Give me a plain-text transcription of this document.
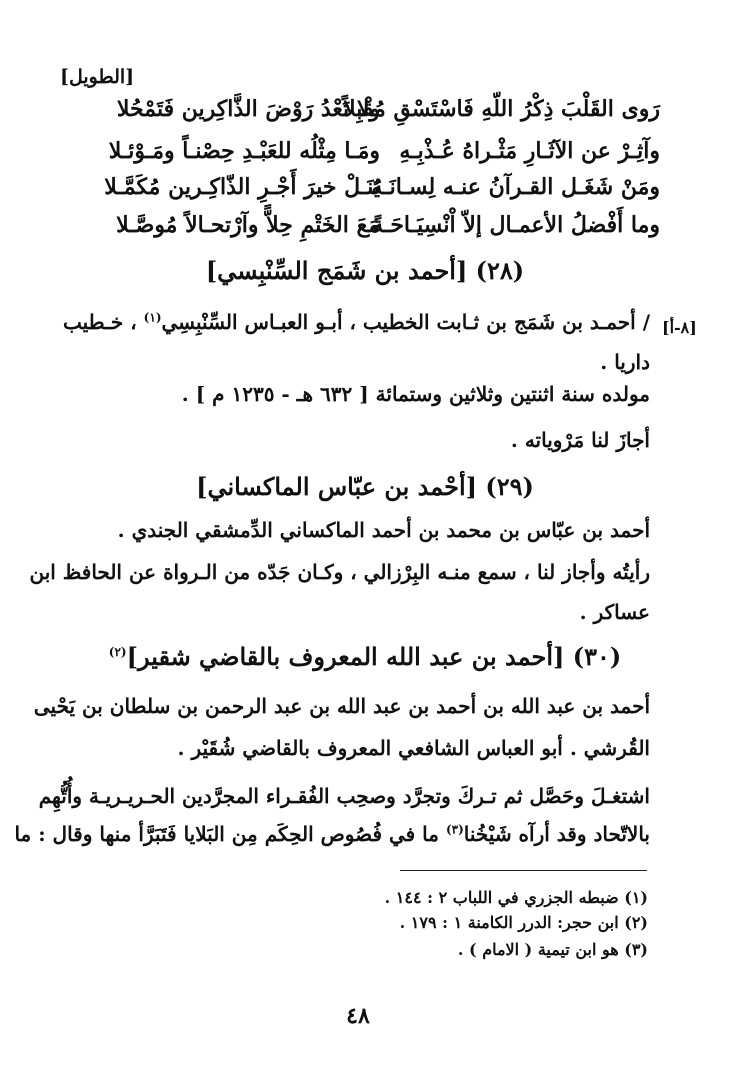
[الطويل]
رَوى القَلْبَ ذِكْرُ اللّهِ فَاسْتَسْقِ مُقْبِلاً
ولا تَعْدُ رَوْضَ الذَّاكِرين فَتَمْحُلا
وآثِـرْ عن الآثَـارِ مَثْـراهُ عُـذْبِـهِ
ومَـا مِثْلُه للعَبْـدِ حِصْنـاً ومَـوْئـلا
ومَنْ شَغَـل القـرآنُ عنـه لِسـانَـهُ
يَنَـلْ خيرَ أَجْـرِ الذّاكِـرين مُكَمَّـلا
وما أَفْضلُ الأعمـال إلاّ اْنْسِيَـاحَـةً
مَعَ الخَتْمِ حِلاًّ وآرْتحـالاً مُوصَّـلا
(٢٨) [أحمد بن شَمَج السِّنْبِسي]
[٨-أ]
/ أحمـد بن شَمَج بن ثـابت الخطيب ، أبـو العبـاس السِّنْبِسِي$^{(١)}$ ، خـطيب
داريا .
مولده سنة اثنتين وثلاثين وستمائة [ ٦٣٢ هـ - ١٢٣٥ م ] .
أجازَ لنا مَرْوياته .
(٢٩) [أحْمد بن عبّاس الماكساني]
أحمد بن عبّاس بن محمد بن أحمد الماكساني الدِّمشقي الجندي .
رأيتُه وأجاز لنا ، سمع منـه البِرْزالي ، وكـان جَدّه من الـرواة عن الحافظ ابن
عساكر .
(٣٠) [أحمد بن عبد الله المعروف بالقاضي شقير]$^{(٢)}$
أحمد بن عبد الله بن أحمد بن عبد الله بن عبد الرحمن بن سلطان بن يَحْيى
القُرشي . أبو العباس الشافعي المعروف بالقاضي شُقَيْر .
اشتغـلَ وحَصَّل ثم تـركَ وتجرَّد وصحِب الفُقـراء المجرَّدين الحـريـريـة وأُتُّهِم
بالاتّحاد وقد أرآه شَيْخُنا$^{(٣)}$ ما في فُصُوص الحِكَم مِن البَلايا فَتَبَرَّأ منها وقال : ما
(١) ضبطه الجزري في اللباب ٢ : ١٤٤ .
(٢) ابن حجر: الدرر الكامنة ١ : ١٧٩ .
(٣) هو ابن تيمية ( الامام ) .
٤٨
